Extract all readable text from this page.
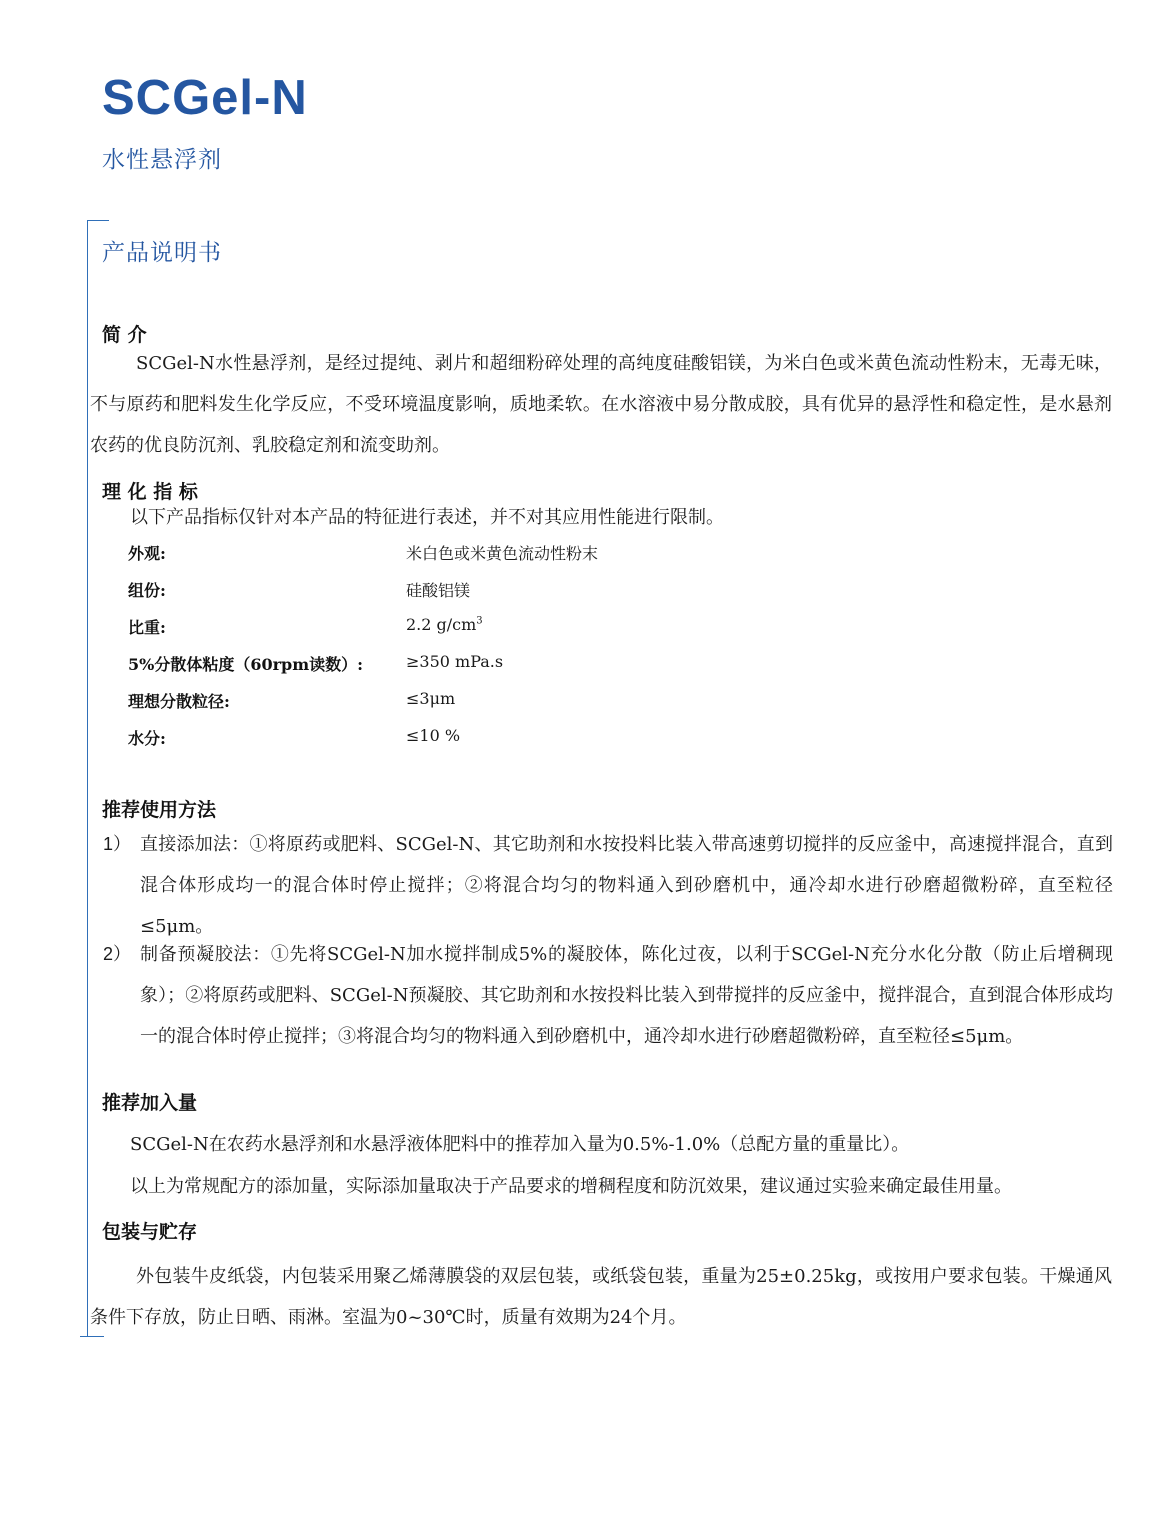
SCGel-N
水性悬浮剂
产品说明书
简 介

SCGel-N水性悬浮剂，是经过提纯、剥片和超细粉碎处理的高纯度硅酸铝镁，为米白色或米黄色流动性粉末，无毒无味，不与原药和肥料发生化学反应，不受环境温度影响，质地柔软。在水溶液中易分散成胶，具有优异的悬浮性和稳定性，是水悬剂农药的优良防沉剂、乳胶稳定剂和流变助剂。

理 化 指 标
以下产品指标仅针对本产品的特征进行表述，并不对其应用性能进行限制。
外观:	米白色或米黄色流动性粉末
组份:	硅酸铝镁
比重:	2.2 $g/cm^3$
5%分散体粘度（60rpm读数）:	≥350 mPa.s
理想分散粒径:	≤3μm
水分:	≤10 %
推荐使用方法
1） 直接添加法：①将原药或肥料、SCGel-N、其它助剂和水按投料比装入带高速剪切搅拌的反应釜中，高速搅拌混合，直到混合体形成均一的混合体时停止搅拌；②将混合均匀的物料通入到砂磨机中，通冷却水进行砂磨超微粉碎，直至粒径≤5μm。
2） 制备预凝胶法：①先将SCGel-N加水搅拌制成5%的凝胶体，陈化过夜，以利于SCGel-N充分水化分散（防止后增稠现象）；②将原药或肥料、SCGel-N预凝胶、其它助剂和水按投料比装入到带搅拌的反应釜中，搅拌混合，直到混合体形成均一的混合体时停止搅拌；③将混合均匀的物料通入到砂磨机中，通冷却水进行砂磨超微粉碎，直至粒径≤5μm。
推荐加入量
SCGel-N在农药水悬浮剂和水悬浮液体肥料中的推荐加入量为0.5%-1.0%（总配方量的重量比）。
以上为常规配方的添加量，实际添加量取决于产品要求的增稠程度和防沉效果，建议通过实验来确定最佳用量。
包装与贮存

外包装牛皮纸袋，内包装采用聚乙烯薄膜袋的双层包装，或纸袋包装，重量为25±0.25kg，或按用户要求包装。干燥通风条件下存放，防止日晒、雨淋。室温为0~30℃时，质量有效期为24个月。
